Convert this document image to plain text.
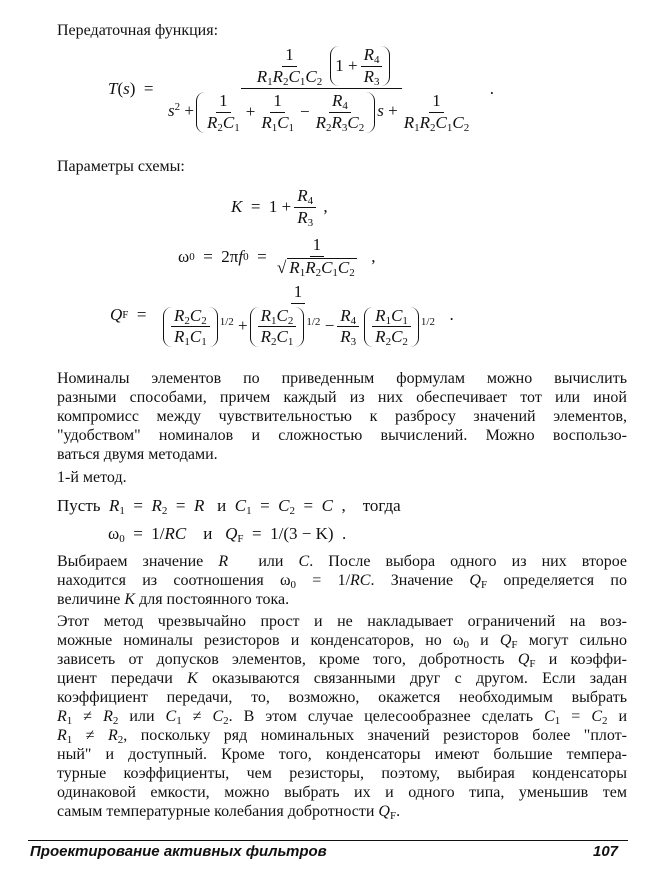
Передаточная функция:
T ( s )  = $\frac{\frac{1}{R_1R_2C_1C_2} 1 + \frac{R_4}{R_3}}{s^2 + \frac{1}{R_2C_1} + \frac{1}{R_1C_1} - \frac{R_4}{R_2R_3C_2} s + \frac{1}{R_1R_2C_1C_2}}$ .
Параметры схемы:
$K = 1 + \frac{R_4}{R_3}$ ,
ω 0 =  2π f $0 = \frac{1}{√ R_1R_2C_1C_2}$ ,
Q $F = \frac{1}{\frac{R_2C_2}{R_1C_1} ^{1/2} + \frac{R_1C_2}{R_2C_1} ^{1/2} - \frac{R_4}{R_3} \frac{R_1C_1}{R_2C_2} ^{1/2}}$ .
Номиналы элементов по приведенным формулам можно вычислить
разными способами, причем каждый из них обеспечивает тот или иной
компромисс между чувствительностью к разбросу значений элементов,
"удобством" номиналов и сложностью вычислений. Можно воспользо-
ваться двумя методами.
1-й метод.
Пусть $R_1 = R_2 = R$ и $C_1 = C_2 = C$  ,    тогда
$\omega_0 = 1/RC$ и $Q_F = 1/(3 - K)$  .
Выбираем значение R или C. После выбора одного из них второе
находится из соотношения $\omega_0 = 1/RC$. Значение $Q_F$ определяется по
величине K для постоянного тока.
Этот метод чрезвычайно прост и не накладывает ограничений на воз-
можные номиналы резисторов и конденсаторов, но $\omega_0$ и $Q_F$ могут сильно
зависеть от допусков элементов, кроме того, добротность $Q_F$ и коэффи-
циент передачи K оказываются связанными друг с другом. Если задан
коэффициент передачи, то, возможно, окажется необходимым выбрать
$R_1 \ne R_2$ или $C_1 \ne C_2$. В этом случае целесообразнее сделать $C_1 = C_2$ и
$R_1 \ne R_2$, поскольку ряд номинальных значений резисторов более "плот-
ный" и доступный. Кроме того, конденсаторы имеют большие темпера-
турные коэффициенты, чем резисторы, поэтому, выбирая конденсаторы
одинаковой емкости, можно выбрать их и одного типа, уменьшив тем
самым температурные колебания добротности $Q_F$.
Проектирование активных фильтров	107
